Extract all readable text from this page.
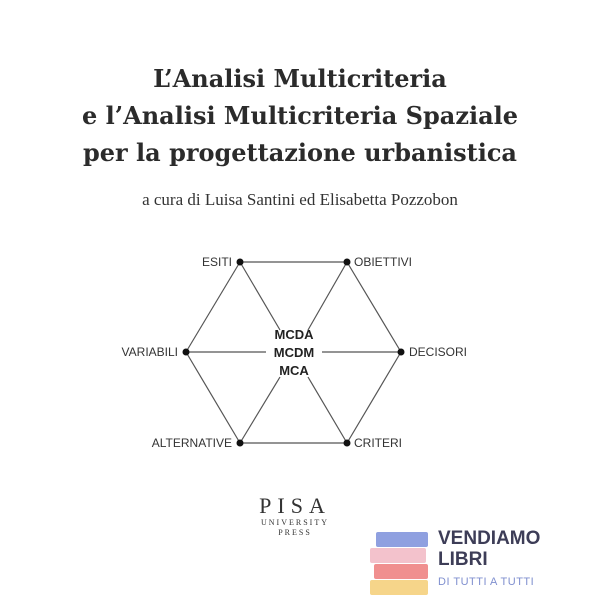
L’Analisi Multicriteria
e l’Analisi Multicriteria Spaziale
per la progettazione urbanistica
a cura di Luisa Santini ed Elisabetta Pozzobon
ESITI	OBIETTIVI
VARIABILI	DECISORI
ALTERNATIVE	CRITERI
MCDA
MCDM
MCA
PISA
UNIVERSITY
PRESS	VENDIAMO
LIBRI
DI TUTTI A TUTTI
